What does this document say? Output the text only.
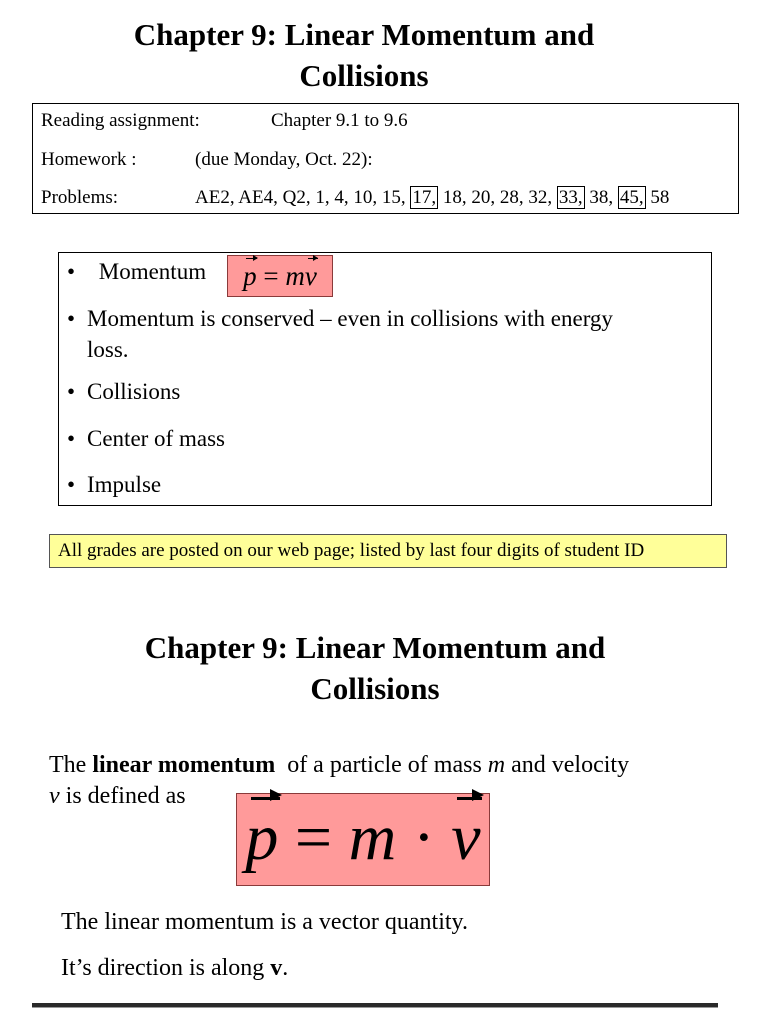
Chapter 9: Linear Momentum and
Collisions
Reading assignment:	Chapter 9.1 to 9.6
Homework :	(due Monday, Oct. 22):
Problems:	AE2, AE4, Q2, 1, 4, 10, 15, 17, 18, 20, 28, 32, 33, 38, 45, 58
• Momentum	p = mv
• Momentum is conserved – even in collisions with energy
loss.
• Collisions
• Center of mass
• Impulse
All grades are posted on our web page; listed by last four digits of student ID
Chapter 9: Linear Momentum and
Collisions
The linear momentum of a particle of mass m and velocity
v is defined as
p = m · v
The linear momentum is a vector quantity.
It’s direction is along v.
